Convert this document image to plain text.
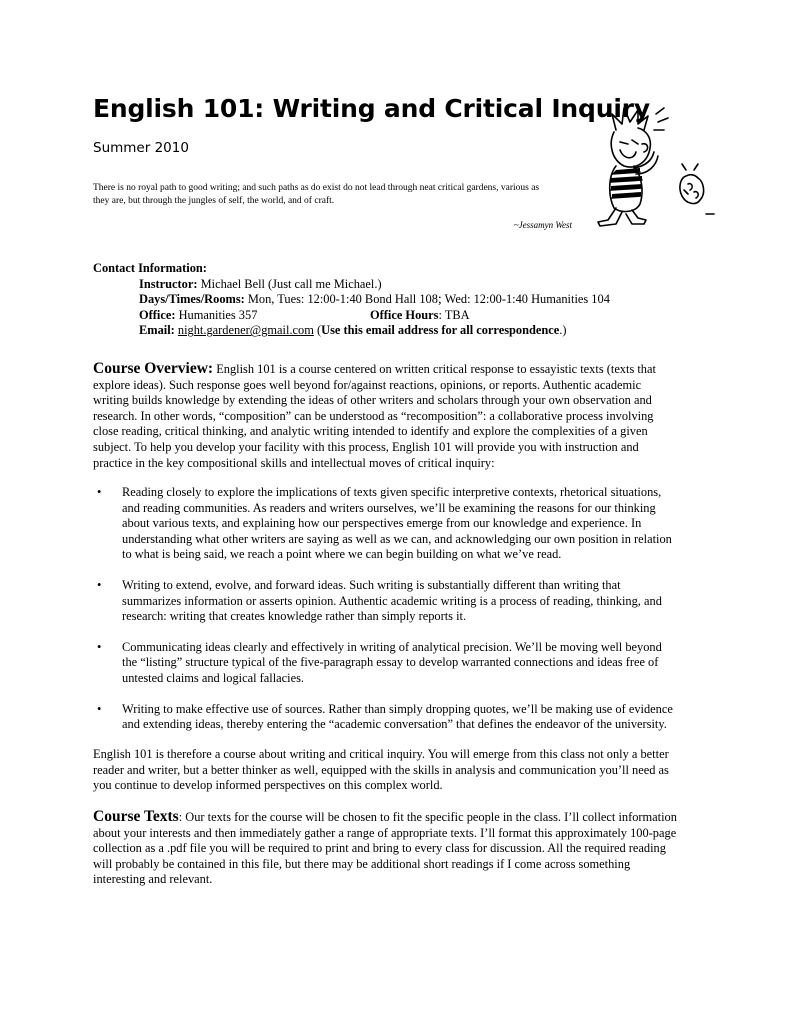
English 101: Writing and Critical Inquiry
Summer 2010

There is no royal path to good writing; and such paths as do exist do not lead through neat critical gardens, various as they are, but through the jungles of self, the world, and of craft.

~Jessamyn West
Contact Information:
Instructor: Michael Bell (Just call me Michael.)
Days/Times/Rooms: Mon, Tues: 12:00-1:40 Bond Hall 108; Wed: 12:00-1:40 Humanities 104
Office: Humanities 357	Office Hours: TBA
Email: night.gardener@gmail.com (Use this email address for all correspondence.)

Course Overview: English 101 is a course centered on written critical response to essayistic texts (texts that explore ideas). Such response goes well beyond for/against reactions, opinions, or reports. Authentic academic writing builds knowledge by extending the ideas of other writers and scholars through your own observation and research. In other words, “composition” can be understood as “recomposition”: a collaborative process involving close reading, critical thinking, and analytic writing intended to identify and explore the complexities of a given subject. To help you develop your facility with this process, English 101 will provide you with instruction and practice in the key compositional skills and intellectual moves of critical inquiry:

• Reading closely to explore the implications of texts given specific interpretive contexts, rhetorical situations, and reading communities. As readers and writers ourselves, we’ll be examining the reasons for our thinking about various texts, and explaining how our perspectives emerge from our knowledge and experience. In understanding what other writers are saying as well as we can, and acknowledging our own position in relation to what is being said, we reach a point where we can begin building on what we’ve read.
• Writing to extend, evolve, and forward ideas. Such writing is substantially different than writing that summarizes information or asserts opinion. Authentic academic writing is a process of reading, thinking, and research: writing that creates knowledge rather than simply reports it.
• Communicating ideas clearly and effectively in writing of analytical precision. We’ll be moving well beyond the “listing” structure typical of the five-paragraph essay to develop warranted connections and ideas free of untested claims and logical fallacies.
• Writing to make effective use of sources. Rather than simply dropping quotes, we’ll be making use of evidence and extending ideas, thereby entering the “academic conversation” that defines the endeavor of the university.

English 101 is therefore a course about writing and critical inquiry. You will emerge from this class not only a better reader and writer, but a better thinker as well, equipped with the skills in analysis and communication you’ll need as you continue to develop informed perspectives on this complex world.

Course Texts: Our texts for the course will be chosen to fit the specific people in the class. I’ll collect information about your interests and then immediately gather a range of appropriate texts. I’ll format this approximately 100-page collection as a .pdf file you will be required to print and bring to every class for discussion. All the required reading will probably be contained in this file, but there may be additional short readings if I come across something interesting and relevant.
